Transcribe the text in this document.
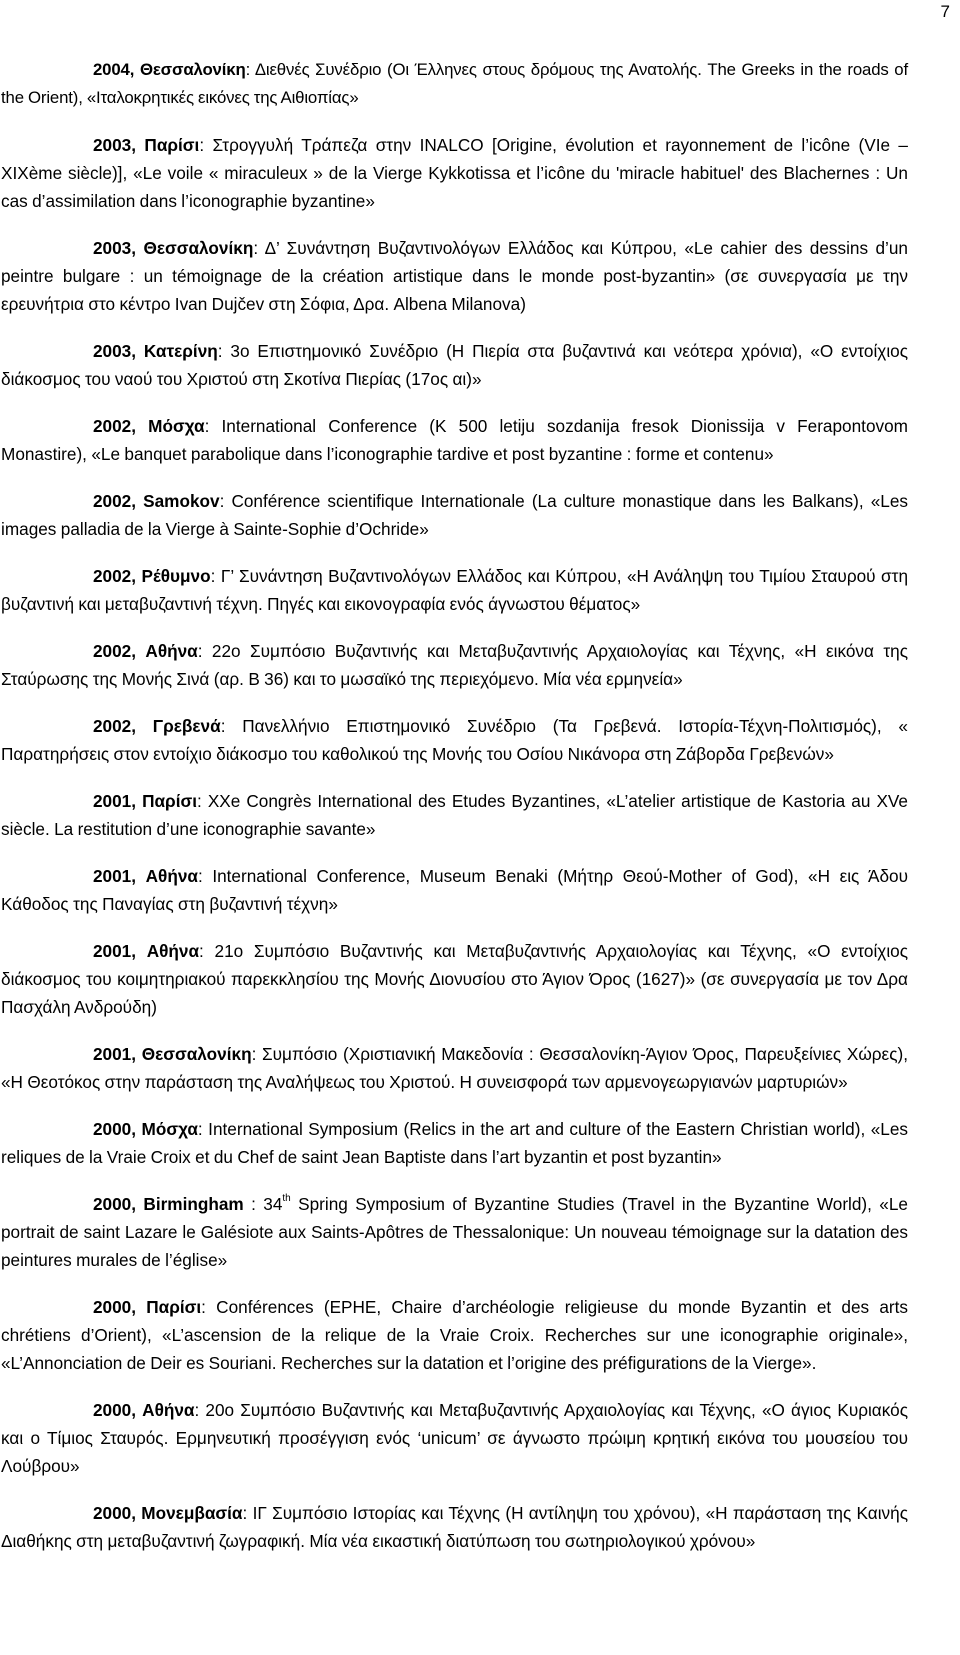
7

2004, Θεσσαλονίκη: Διεθνές Συνέδριο (Οι Έλληνες στους δρόμους της Ανατολής. The Greeks in the roads of the Orient), «Ιταλοκρητικές εικόνες της Αιθιοπίας»

2003, Παρίσι: Στρογγυλή Τράπεζα στην INALCO [Origine, évolution et rayonnement de l’icône (VIe – XIXème siècle)], «Le voile « miraculeux » de la Vierge Kykkotissa et l’icône du 'miracle habituel' des Blachernes : Un cas d’assimilation dans l’iconographie byzantine»

2003, Θεσσαλονίκη: Δ’ Συνάντηση Βυζαντινολόγων Ελλάδος και Κύπρου, «Le cahier des dessins d’un peintre bulgare : un témoignage de la création artistique dans le monde post-byzantin» (σε συνεργασία με την ερευνήτρια στο κέντρο Ivan Dujčev στη Σόφια, Δρα. Albena Milanova)

2003, Κατερίνη: 3ο Επιστημονικό Συνέδριο (Η Πιερία στα βυζαντινά και νεότερα χρόνια), «Ο εντοίχιος διάκοσμος του ναού του Χριστού στη Σκοτίνα Πιερίας (17ος αι)»

2002, Μόσχα: International Conference (K 500 letiju sozdanija fresok Dionissija v Ferapontovom Monastire), «Le banquet parabolique dans l’iconographie tardive et post byzantine : forme et contenu»

2002, Samokov: Conférence scientifique Internationale (La culture monastique dans les Balkans), «Les images palladia de la Vierge à Sainte-Sophie d’Ochride»

2002, Ρέθυμνο: Γ’ Συνάντηση Βυζαντινολόγων Ελλάδος και Κύπρου, «Η Ανάληψη του Τιμίου Σταυρού στη βυζαντινή και μεταβυζαντινή τέχνη. Πηγές και εικονογραφία ενός άγνωστου θέματος»

2002, Αθήνα: 22ο Συμπόσιο Βυζαντινής και Μεταβυζαντινής Αρχαιολογίας και Τέχνης, «Η εικόνα της Σταύρωσης της Μονής Σινά (αρ. Β 36) και το μωσαϊκό της περιεχόμενο. Μία νέα ερμηνεία»

2002, Γρεβενά: Πανελλήνιο Επιστημονικό Συνέδριο (Τα Γρεβενά. Ιστορία-Τέχνη-Πολιτισμός), « Παρατηρήσεις στον εντοίχιο διάκοσμο του καθολικού της Μονής του Οσίου Νικάνορα στη Ζάβορδα Γρεβενών»

2001, Παρίσι: XXe Congrès International des Etudes Byzantines, «L’atelier artistique de Kastoria au XVe siècle. La restitution d’une iconographie savante»

2001, Αθήνα: International Conference, Museum Benaki (Μήτηρ Θεού-Mother of God), «Η εις Άδου Κάθοδος της Παναγίας στη βυζαντινή τέχνη»

2001, Αθήνα: 21ο Συμπόσιο Βυζαντινής και Μεταβυζαντινής Αρχαιολογίας και Τέχνης, «Ο εντοίχιος διάκοσμος του κοιμητηριακού παρεκκλησίου της Μονής Διονυσίου στο Άγιον Όρος (1627)» (σε συνεργασία με τον Δρα Πασχάλη Ανδρούδη)

2001, Θεσσαλονίκη: Συμπόσιο (Χριστιανική Μακεδονία : Θεσσαλονίκη-Άγιον Όρος, Παρευξείνιες Χώρες), «Η Θεοτόκος στην παράσταση της Αναλήψεως του Χριστού. Η συνεισφορά των αρμενογεωργιανών μαρτυριών»

2000, Μόσχα: International Symposium (Relics in the art and culture of the Eastern Christian world), «Les reliques de la Vraie Croix et du Chef de saint Jean Baptiste dans l’art byzantin et post byzantin»

2000, Birmingham : 34th Spring Symposium of Byzantine Studies (Travel in the Byzantine World), «Le portrait de saint Lazare le Galésiote aux Saints-Apôtres de Thessalonique: Un nouveau témoignage sur la datation des peintures murales de l’église»

2000, Παρίσι: Conférences (EPHE, Chaire d’archéologie religieuse du monde Byzantin et des arts chrétiens d’Orient), «L’ascension de la relique de la Vraie Croix. Recherches sur une iconographie originale», «L’Annonciation de Deir es Souriani. Recherches sur la datation et l’origine des préfigurations de la Vierge».

2000, Αθήνα: 20ο Συμπόσιο Βυζαντινής και Μεταβυζαντινής Αρχαιολογίας και Τέχνης, «Ο άγιος Κυριακός και ο Τίμιος Σταυρός. Ερμηνευτική προσέγγιση ενός ‘unicum’ σε άγνωστο πρώιμη κρητική εικόνα του μουσείου του Λούβρου»

2000, Μονεμβασία: ΙΓ Συμπόσιο Ιστορίας και Τέχνης (Η αντίληψη του χρόνου), «Η παράσταση της Καινής Διαθήκης στη μεταβυζαντινή ζωγραφική. Μία νέα εικαστική διατύπωση του σωτηριολογικού χρόνου»
